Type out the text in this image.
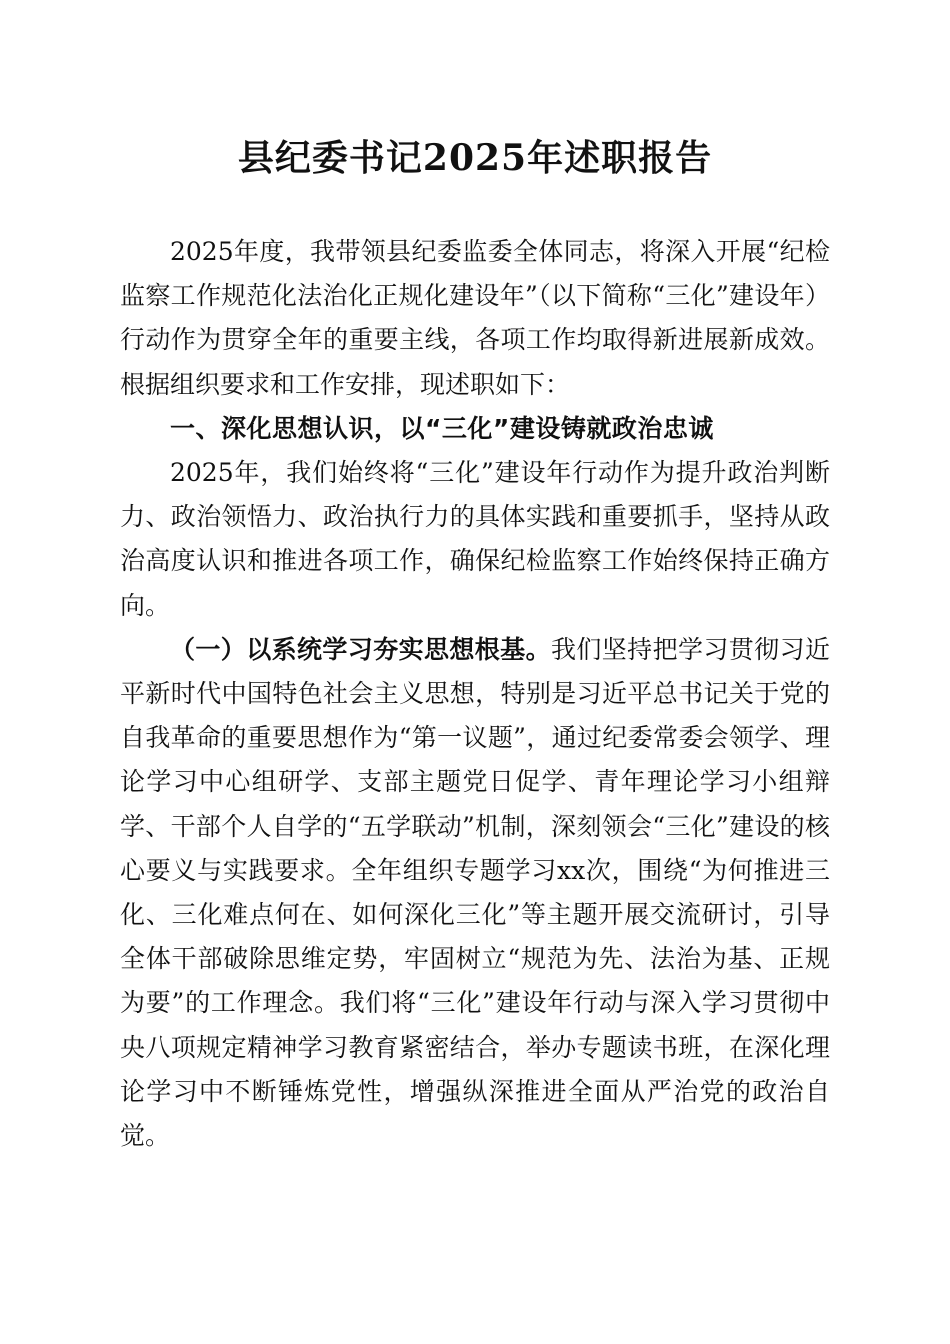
县纪委书记2025年述职报告

2025年度，我带领县纪委监委全体同志，将深入开展“纪检监察工作规范化法治化正规化建设年”（以下简称“三化”建设年）行动作为贯穿全年的重要主线，各项工作均取得新进展新成效。根据组织要求和工作安排，现述职如下：

一、深化思想认识，以“三化”建设铸就政治忠诚

2025年，我们始终将“三化”建设年行动作为提升政治判断力、政治领悟力、政治执行力的具体实践和重要抓手，坚持从政治高度认识和推进各项工作，确保纪检监察工作始终保持正确方向。

（一）以系统学习夯实思想根基。我们坚持把学习贯彻习近平新时代中国特色社会主义思想，特别是习近平总书记关于党的自我革命的重要思想作为“第一议题”，通过纪委常委会领学、理论学习中心组研学、支部主题党日促学、青年理论学习小组辩学、干部个人自学的“五学联动”机制，深刻领会“三化”建设的核心要义与实践要求。全年组织专题学习xx次，围绕“为何推进三化、三化难点何在、如何深化三化”等主题开展交流研讨，引导全体干部破除思维定势，牢固树立“规范为先、法治为基、正规为要”的工作理念。我们将“三化”建设年行动与深入学习贯彻中央八项规定精神学习教育紧密结合，举办专题读书班，在深化理论学习中不断锤炼党性，增强纵深推进全面从严治党的政治自觉。
